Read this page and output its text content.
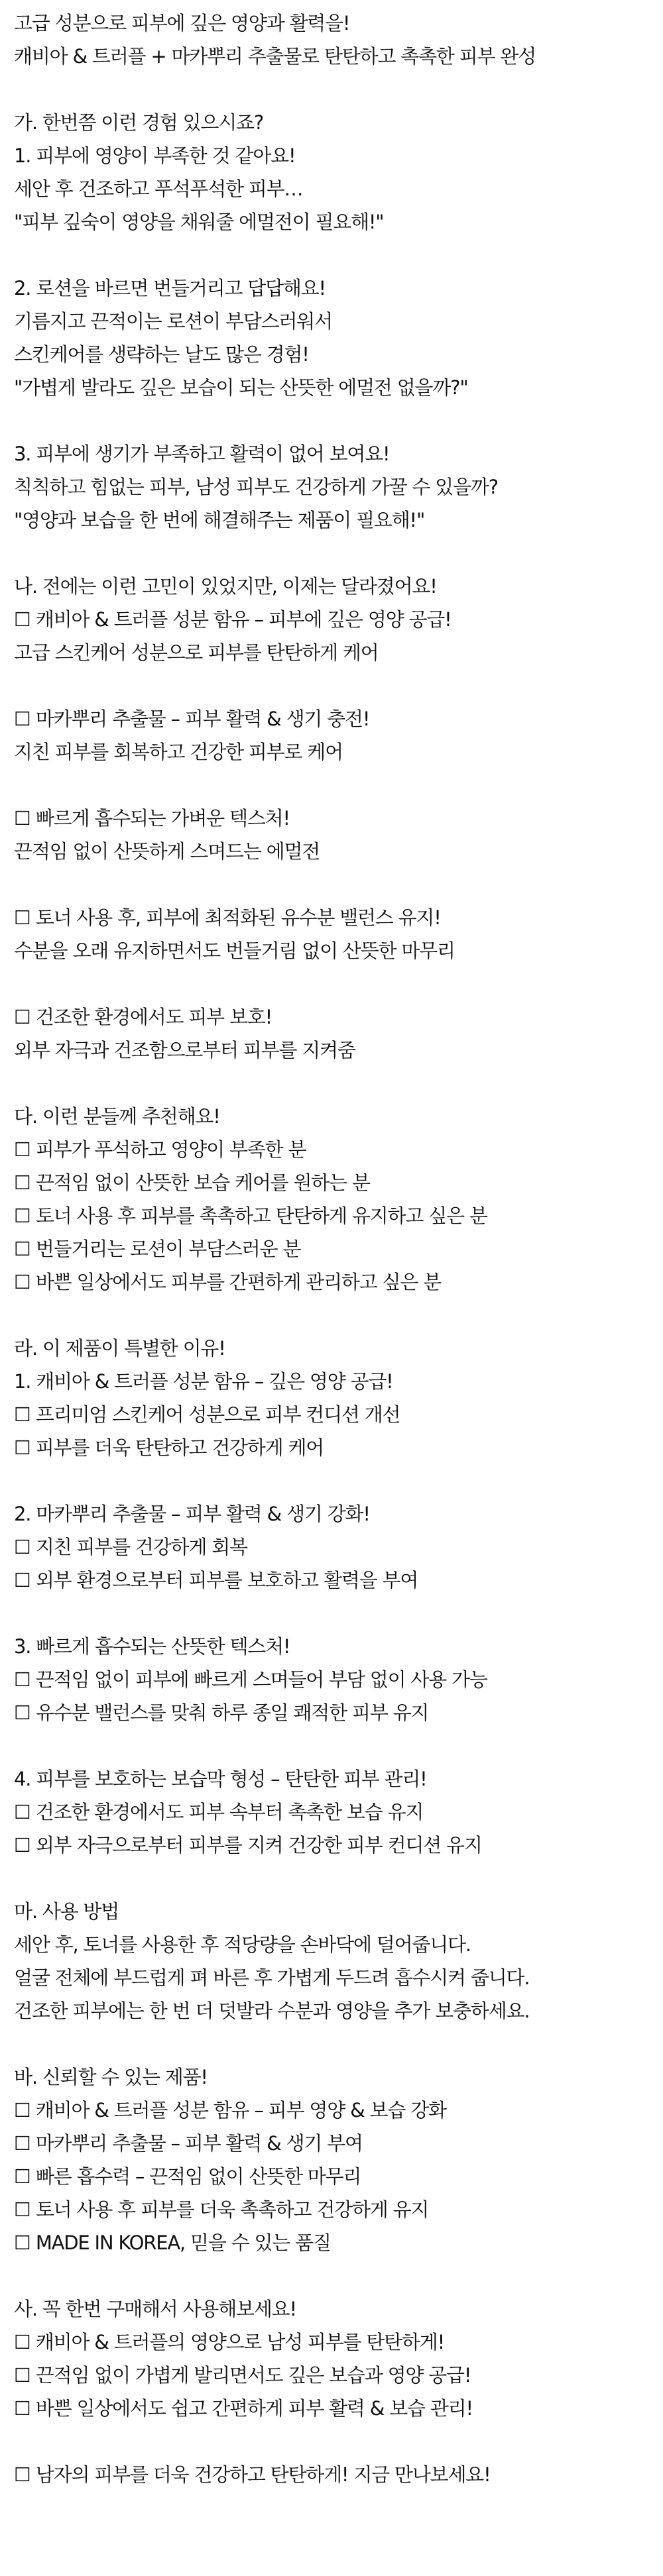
고급 성분으로 피부에 깊은 영양과 활력을!
캐비아 & 트러플 + 마카뿌리 추출물로 탄탄하고 촉촉한 피부 완성
가. 한번쯤 이런 경험 있으시죠?
1. 피부에 영양이 부족한 것 같아요!
세안 후 건조하고 푸석푸석한 피부…
"피부 깊숙이 영양을 채워줄 에멀전이 필요해!"
2. 로션을 바르면 번들거리고 답답해요!
기름지고 끈적이는 로션이 부담스러워서
스킨케어를 생략하는 날도 많은 경험!
"가볍게 발라도 깊은 보습이 되는 산뜻한 에멀전 없을까?"
3. 피부에 생기가 부족하고 활력이 없어 보여요!
칙칙하고 힘없는 피부, 남성 피부도 건강하게 가꿀 수 있을까?
"영양과 보습을 한 번에 해결해주는 제품이 필요해!"
나. 전에는 이런 고민이 있었지만, 이제는 달라졌어요!
☐ 캐비아 & 트러플 성분 함유 – 피부에 깊은 영양 공급!
고급 스킨케어 성분으로 피부를 탄탄하게 케어
☐ 마카뿌리 추출물 – 피부 활력 & 생기 충전!
지친 피부를 회복하고 건강한 피부로 케어
☐ 빠르게 흡수되는 가벼운 텍스처!
끈적임 없이 산뜻하게 스며드는 에멀전
☐ 토너 사용 후, 피부에 최적화된 유수분 밸런스 유지!
수분을 오래 유지하면서도 번들거림 없이 산뜻한 마무리
☐ 건조한 환경에서도 피부 보호!
외부 자극과 건조함으로부터 피부를 지켜줌
다. 이런 분들께 추천해요!
☐ 피부가 푸석하고 영양이 부족한 분
☐ 끈적임 없이 산뜻한 보습 케어를 원하는 분
☐ 토너 사용 후 피부를 촉촉하고 탄탄하게 유지하고 싶은 분
☐ 번들거리는 로션이 부담스러운 분
☐ 바쁜 일상에서도 피부를 간편하게 관리하고 싶은 분
라. 이 제품이 특별한 이유!
1. 캐비아 & 트러플 성분 함유 – 깊은 영양 공급!
☐ 프리미엄 스킨케어 성분으로 피부 컨디션 개선
☐ 피부를 더욱 탄탄하고 건강하게 케어
2. 마카뿌리 추출물 – 피부 활력 & 생기 강화!
☐ 지친 피부를 건강하게 회복
☐ 외부 환경으로부터 피부를 보호하고 활력을 부여
3. 빠르게 흡수되는 산뜻한 텍스처!
☐ 끈적임 없이 피부에 빠르게 스며들어 부담 없이 사용 가능
☐ 유수분 밸런스를 맞춰 하루 종일 쾌적한 피부 유지
4. 피부를 보호하는 보습막 형성 – 탄탄한 피부 관리!
☐ 건조한 환경에서도 피부 속부터 촉촉한 보습 유지
☐ 외부 자극으로부터 피부를 지켜 건강한 피부 컨디션 유지
마. 사용 방법
세안 후, 토너를 사용한 후 적당량을 손바닥에 덜어줍니다.
얼굴 전체에 부드럽게 펴 바른 후 가볍게 두드려 흡수시켜 줍니다.
건조한 피부에는 한 번 더 덧발라 수분과 영양을 추가 보충하세요.
바. 신뢰할 수 있는 제품!
☐ 캐비아 & 트러플 성분 함유 – 피부 영양 & 보습 강화
☐ 마카뿌리 추출물 – 피부 활력 & 생기 부여
☐ 빠른 흡수력 – 끈적임 없이 산뜻한 마무리
☐ 토너 사용 후 피부를 더욱 촉촉하고 건강하게 유지
☐ MADE IN KOREA, 믿을 수 있는 품질
사. 꼭 한번 구매해서 사용해보세요!
☐ 캐비아 & 트러플의 영양으로 남성 피부를 탄탄하게!
☐ 끈적임 없이 가볍게 발리면서도 깊은 보습과 영양 공급!
☐ 바쁜 일상에서도 쉽고 간편하게 피부 활력 & 보습 관리!
☐ 남자의 피부를 더욱 건강하고 탄탄하게! 지금 만나보세요!
